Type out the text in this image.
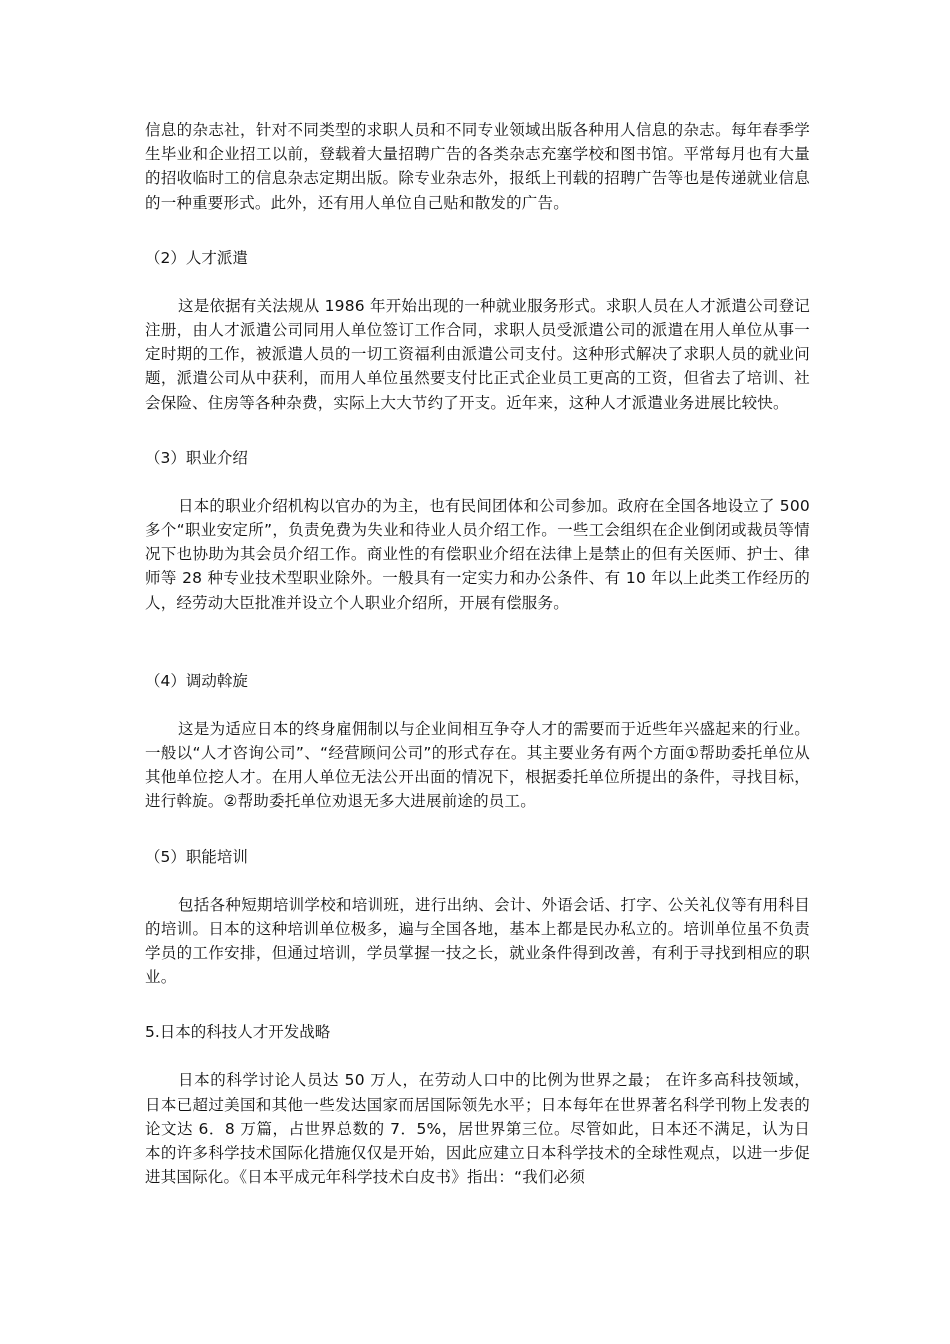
信息的杂志社，针对不同类型的求职人员和不同专业领域出版各种用人信息的杂志。每年春季学生毕业和企业招工以前，登载着大量招聘广告的各类杂志充塞学校和图书馆。平常每月也有大量的招收临时工的信息杂志定期出版。除专业杂志外，报纸上刊载的招聘广告等也是传递就业信息的一种重要形式。此外，还有用人单位自己贴和散发的广告。

（2）人才派遣

这是依据有关法规从 1986 年开始出现的一种就业服务形式。求职人员在人才派遣公司登记注册，由人才派遣公司同用人单位签订工作合同，求职人员受派遣公司的派遣在用人单位从事一定时期的工作，被派遣人员的一切工资福利由派遣公司支付。这种形式解决了求职人员的就业问题，派遣公司从中获利，而用人单位虽然要支付比正式企业员工更高的工资，但省去了培训、社会保险、住房等各种杂费，实际上大大节约了开支。近年来，这种人才派遣业务进展比较快。

（3）职业介绍

日本的职业介绍机构以官办的为主，也有民间团体和公司参加。政府在全国各地设立了 500 多个“职业安定所”，负责免费为失业和待业人员介绍工作。一些工会组织在企业倒闭或裁员等情况下也协助为其会员介绍工作。商业性的有偿职业介绍在法律上是禁止的但有关医师、护士、律师等 28 种专业技术型职业除外。一般具有一定实力和办公条件、有 10 年以上此类工作经历的人，经劳动大臣批准并设立个人职业介绍所，开展有偿服务。

（4）调动斡旋

这是为适应日本的终身雇佣制以与企业间相互争夺人才的需要而于近些年兴盛起来的行业。一般以“人才咨询公司”、“经营顾问公司”的形式存在。其主要业务有两个方面①帮助委托单位从其他单位挖人才。在用人单位无法公开出面的情况下，根据委托单位所提出的条件，寻找目标，进行斡旋。②帮助委托单位劝退无多大进展前途的员工。

（5）职能培训

包括各种短期培训学校和培训班，进行出纳、会计、外语会话、打字、公关礼仪等有用科目的培训。日本的这种培训单位极多，遍与全国各地，基本上都是民办私立的。培训单位虽不负责学员的工作安排，但通过培训，学员掌握一技之长，就业条件得到改善，有利于寻找到相应的职业。

5.日本的科技人才开发战略

日本的科学讨论人员达 50 万人，在劳动人口中的比例为世界之最； 在许多高科技领域，日本已超过美国和其他一些发达国家而居国际领先水平；日本每年在世界著名科学刊物上发表的论文达 6．8 万篇，占世界总数的 7．5%，居世界第三位。尽管如此，日本还不满足，认为日本的许多科学技术国际化措施仅仅是开始，因此应建立日本科学技术的全球性观点，以进一步促进其国际化。《日本平成元年科学技术白皮书》指出：“我们必须
